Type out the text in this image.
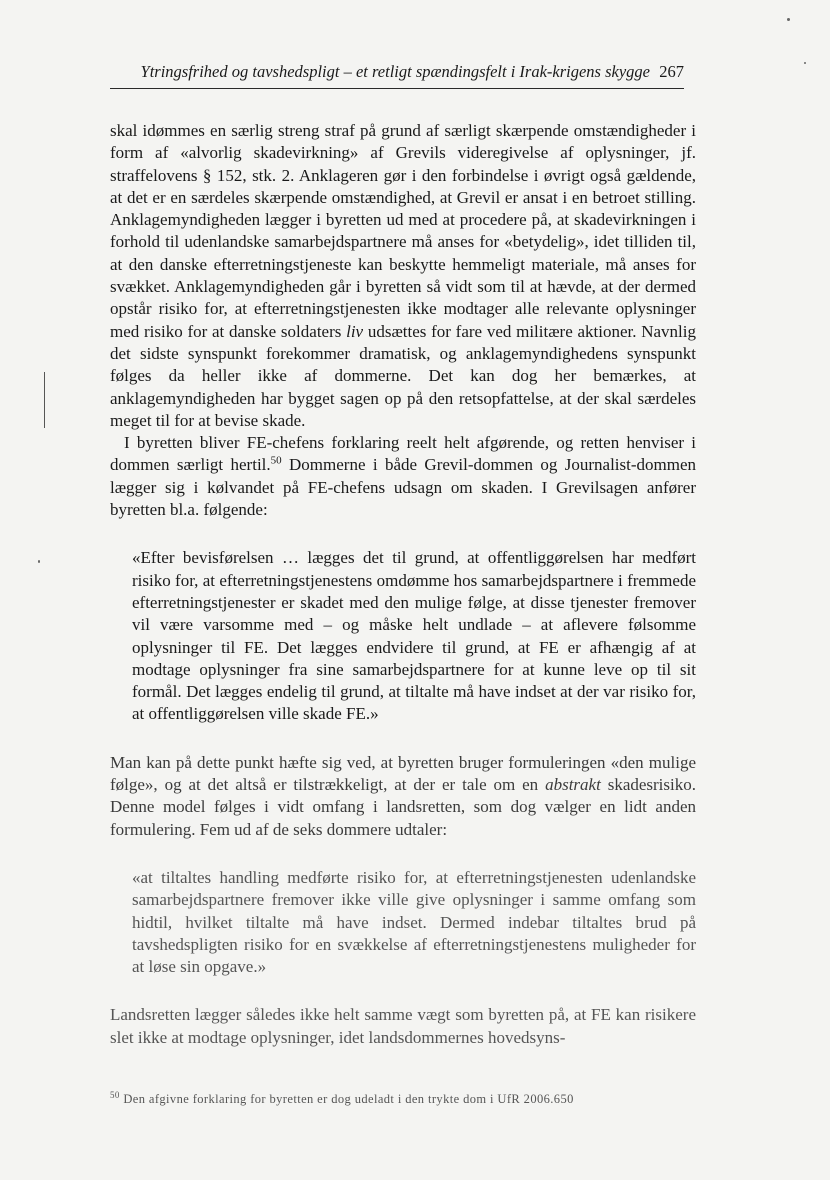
Ytringsfrihed og tavshedspligt – et retligt spændingsfelt i Irak-krigens skygge 267

skal idømmes en særlig streng straf på grund af særligt skærpende omstændigheder i form af «alvorlig skadevirkning» af Grevils videregivelse af oplysninger, jf. straffelovens § 152, stk. 2. Anklageren gør i den forbindelse i øvrigt også gældende, at det er en særdeles skærpende omstændighed, at Grevil er ansat i en betroet stilling. Anklagemyndigheden lægger i byretten ud med at procedere på, at skadevirkningen i forhold til udenlandske samarbejdspartnere må anses for «betydelig», idet tilliden til, at den danske efterretningstjeneste kan beskytte hemmeligt materiale, må anses for svækket. Anklagemyndigheden går i byretten så vidt som til at hævde, at der dermed opstår risiko for, at efterretningstjenesten ikke modtager alle relevante oplysninger med risiko for at danske soldaters liv udsættes for fare ved militære aktioner. Navnlig det sidste synspunkt forekommer dramatisk, og anklagemyndighedens synspunkt følges da heller ikke af dommerne. Det kan dog her bemærkes, at anklagemyndigheden har bygget sagen op på den retsopfattelse, at der skal særdeles meget til for at bevise skade.

I byretten bliver FE-chefens forklaring reelt helt afgørende, og retten henviser i dommen særligt hertil.$^{50}$ Dommerne i både Grevil-dommen og Journalist-dommen lægger sig i kølvandet på FE-chefens udsagn om skaden. I Grevilsagen anfører byretten bl.a. følgende:

«Efter bevisførelsen … lægges det til grund, at offentliggørelsen har medført risiko for, at efterretningstjenestens omdømme hos samarbejdspartnere i fremmede efterretningstjenester er skadet med den mulige følge, at disse tjenester fremover vil være varsomme med – og måske helt undlade – at aflevere følsomme oplysninger til FE. Det lægges endvidere til grund, at FE er afhængig af at modtage oplysninger fra sine samarbejdspartnere for at kunne leve op til sit formål. Det lægges endelig til grund, at tiltalte må have indset at der var risiko for, at offentliggørelsen ville skade FE.»

Man kan på dette punkt hæfte sig ved, at byretten bruger formuleringen «den mulige følge», og at det altså er tilstrækkeligt, at der er tale om en abstrakt skadesrisiko. Denne model følges i vidt omfang i landsretten, som dog vælger en lidt anden formulering. Fem ud af de seks dommere udtaler:

«at tiltaltes handling medførte risiko for, at efterretningstjenesten udenlandske samarbejdspartnere fremover ikke ville give oplysninger i samme omfang som hidtil, hvilket tiltalte må have indset. Dermed indebar tiltaltes brud på tavshedspligten risiko for en svækkelse af efterretningstjenestens muligheder for at løse sin opgave.»

Landsretten lægger således ikke helt samme vægt som byretten på, at FE kan risikere slet ikke at modtage oplysninger, idet landsdommernes hovedsyns-

$^{50}$ Den afgivne forklaring for byretten er dog udeladt i den trykte dom i UfR 2006.650
